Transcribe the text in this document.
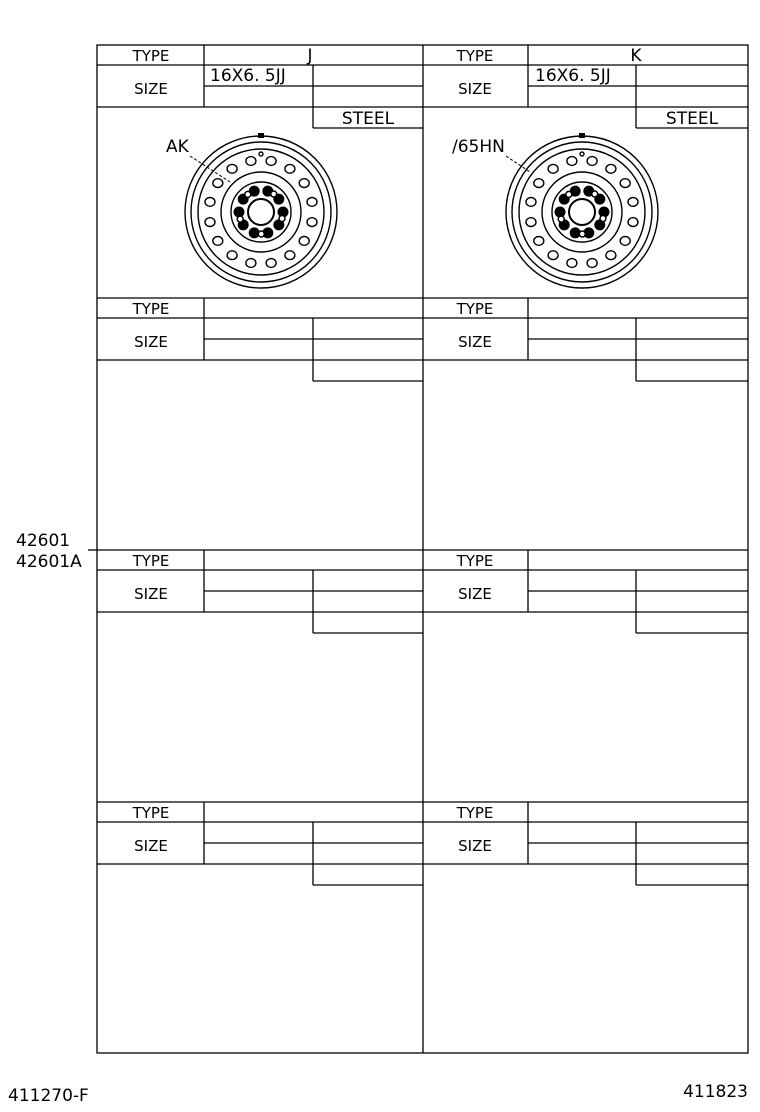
TYPE
SIZE
TYPE
SIZE
TYPE
SIZE
TYPE
SIZE
TYPE
SIZE
TYPE
SIZE
TYPE
SIZE
TYPE
SIZE
J
16X6. 5JJ
STEEL
K
16X6. 5JJ
STEEL
AK	/65HN
42601
42601A
411270-F	411823
